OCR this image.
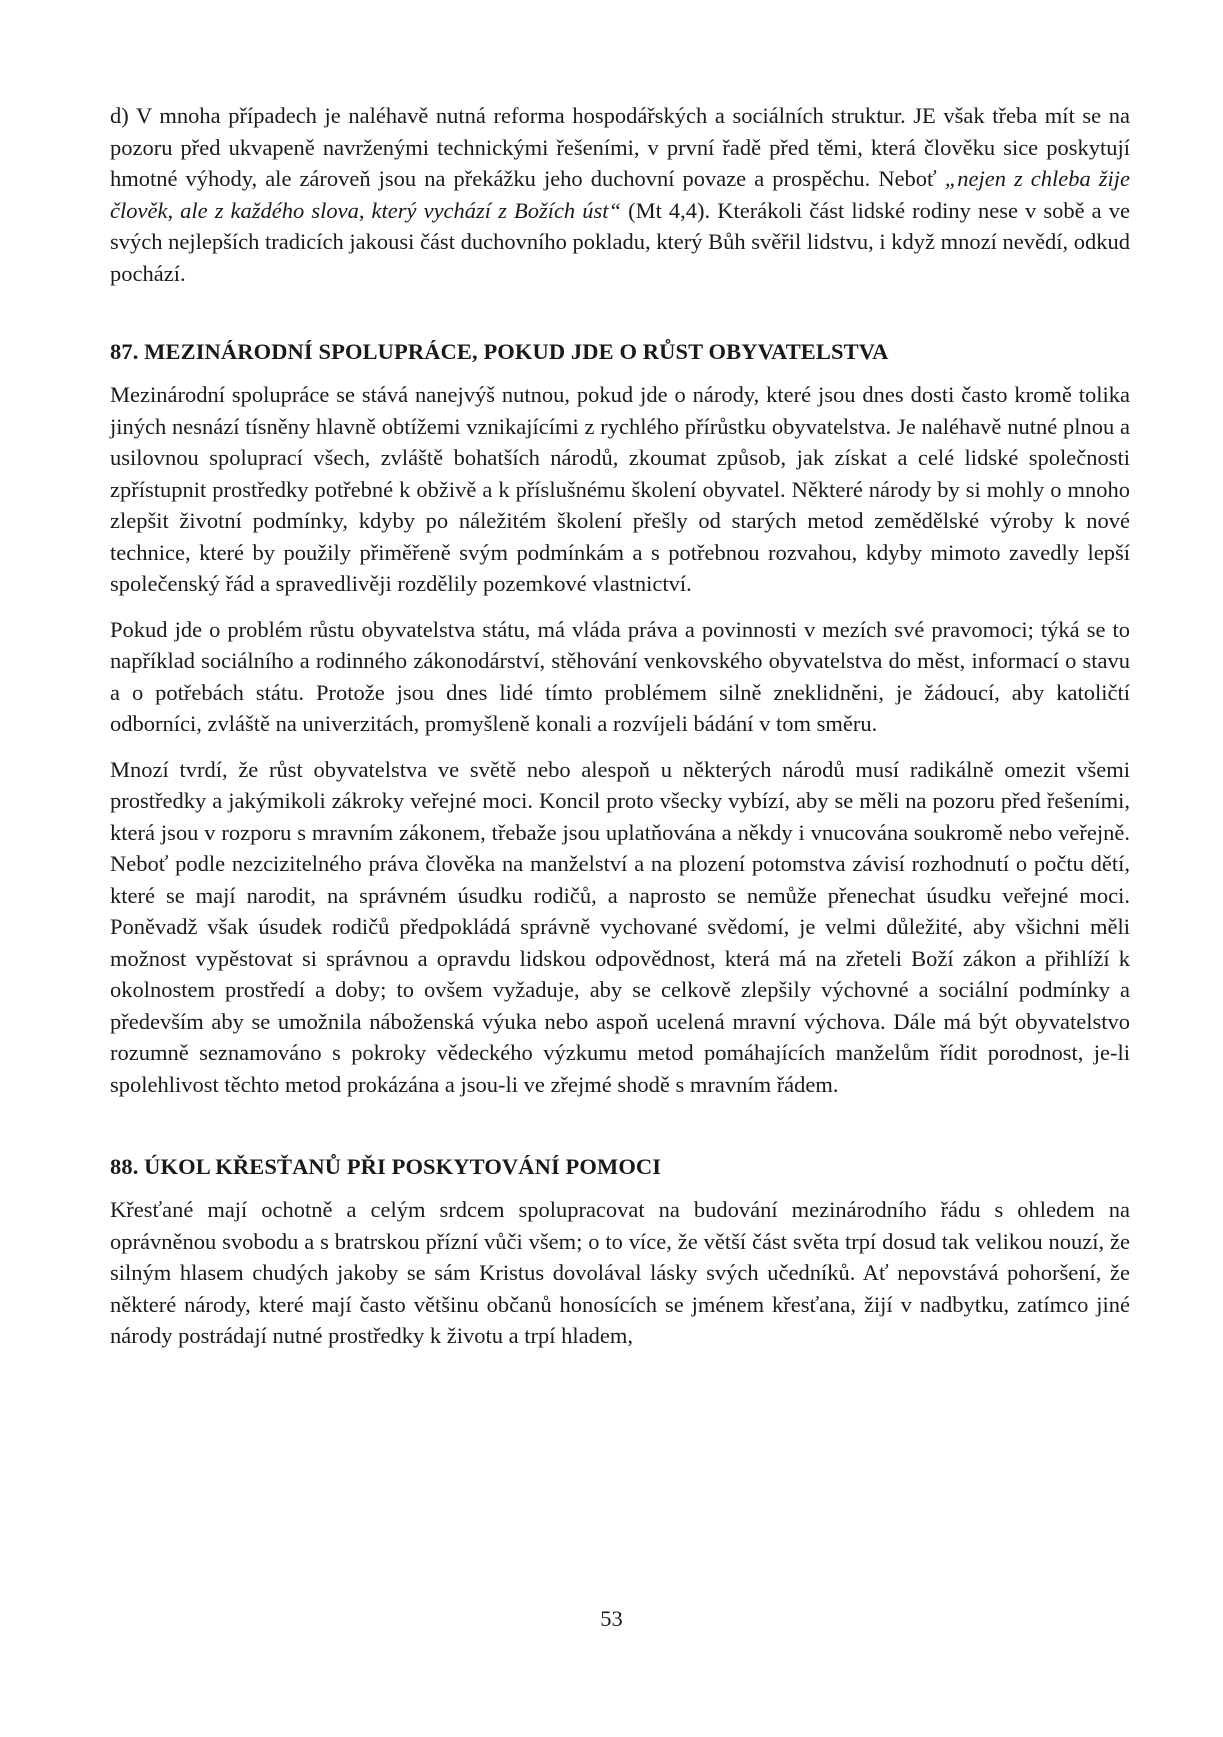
d) V mnoha případech je naléhavě nutná reforma hospodářských a sociálních struktur. JE však třeba mít se na pozoru před ukvapeně navrženými technickými řešeními, v první řadě před těmi, která člověku sice poskytují hmotné výhody, ale zároveň jsou na překážku jeho duchovní povaze a prospěchu. Neboť „nejen z chleba žije člověk, ale z každého slova, který vychází z Božích úst“ (Mt 4,4). Kterákoli část lidské rodiny nese v sobě a ve svých nejlepších tradicích jakousi část duchovního pokladu, který Bůh svěřil lidstvu, i když mnozí nevědí, odkud pochází.

87. MEZINÁRODNÍ SPOLUPRÁCE, POKUD JDE O RŮST OBYVATELSTVA

Mezinárodní spolupráce se stává nanejvýš nutnou, pokud jde o národy, které jsou dnes dosti často kromě tolika jiných nesnází tísněny hlavně obtížemi vznikajícími z rychlého přírůstku obyvatelstva. Je naléhavě nutné plnou a usilovnou spoluprací všech, zvláště bohatších národů, zkoumat způsob, jak získat a celé lidské společnosti zpřístupnit prostředky potřebné k obživě a k příslušnému školení obyvatel. Některé národy by si mohly o mnoho zlepšit životní podmínky, kdyby po náležitém školení přešly od starých metod zemědělské výroby k nové technice, které by použily přiměřeně svým podmínkám a s potřebnou rozvahou, kdyby mimoto zavedly lepší společenský řád a spravedlivěji rozdělily pozemkové vlastnictví.

Pokud jde o problém růstu obyvatelstva státu, má vláda práva a povinnosti v mezích své pravomoci; týká se to například sociálního a rodinného zákonodárství, stěhování venkovského obyvatelstva do měst, informací o stavu a o potřebách státu. Protože jsou dnes lidé tímto problémem silně zneklidněni, je žádoucí, aby katoličtí odborníci, zvláště na univerzitách, promyšleně konali a rozvíjeli bádání v tom směru.

Mnozí tvrdí, že růst obyvatelstva ve světě nebo alespoň u některých národů musí radikálně omezit všemi prostředky a jakýmikoli zákroky veřejné moci. Koncil proto všecky vybízí, aby se měli na pozoru před řešeními, která jsou v rozporu s mravním zákonem, třebaže jsou uplatňována a někdy i vnucována soukromě nebo veřejně. Neboť podle nezcizitelného práva člověka na manželství a na plození potomstva závisí rozhodnutí o počtu dětí, které se mají narodit, na správném úsudku rodičů, a naprosto se nemůže přenechat úsudku veřejné moci. Poněvadž však úsudek rodičů předpokládá správně vychované svědomí, je velmi důležité, aby všichni měli možnost vypěstovat si správnou a opravdu lidskou odpovědnost, která má na zřeteli Boží zákon a přihlíží k okolnostem prostředí a doby; to ovšem vyžaduje, aby se celkově zlepšily výchovné a sociální podmínky a především aby se umožnila náboženská výuka nebo aspoň ucelená mravní výchova. Dále má být obyvatelstvo rozumně seznamováno s pokroky vědeckého výzkumu metod pomáhajících manželům řídit porodnost, je-li spolehlivost těchto metod prokázána a jsou-li ve zřejmé shodě s mravním řádem.

88. ÚKOL KŘESŤANŮ PŘI POSKYTOVÁNÍ POMOCI

Křesťané mají ochotně a celým srdcem spolupracovat na budování mezinárodního řádu s ohledem na oprávněnou svobodu a s bratrskou přízní vůči všem; o to více, že větší část světa trpí dosud tak velikou nouzí, že silným hlasem chudých jakoby se sám Kristus dovolával lásky svých učedníků. Ať nepovstává pohoršení, že některé národy, které mají často většinu občanů honosících se jménem křesťana, žijí v nadbytku, zatímco jiné národy postrádají nutné prostředky k životu a trpí hladem,

53
